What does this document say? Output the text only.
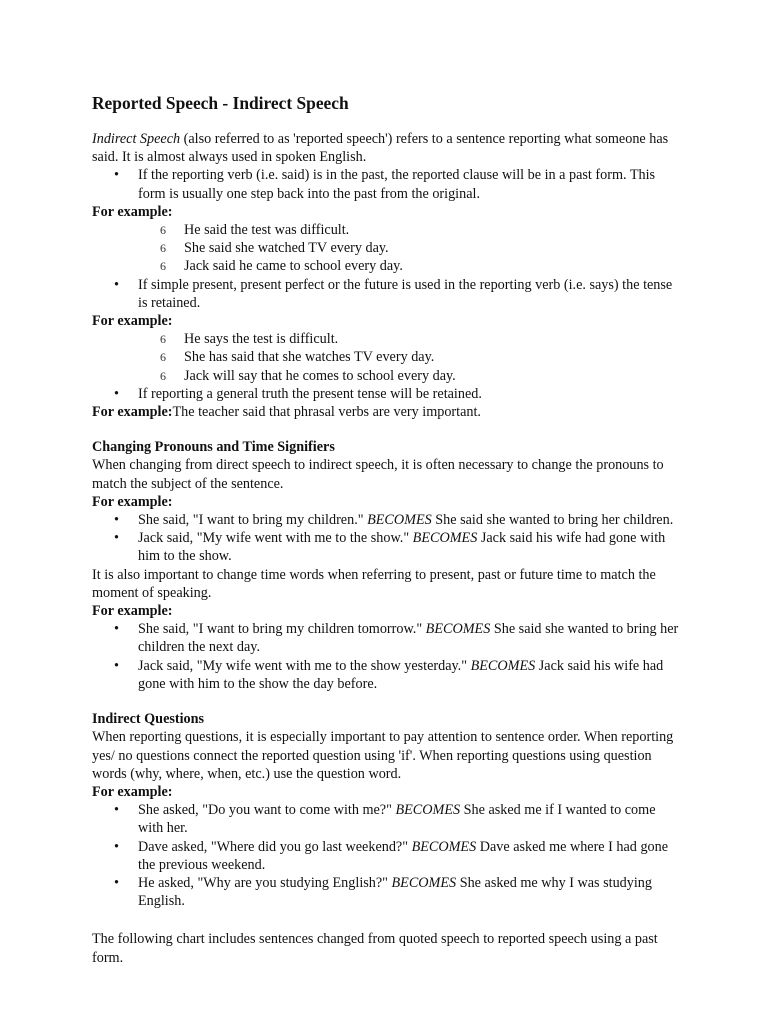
Reported Speech - Indirect Speech

Indirect Speech (also referred to as 'reported speech') refers to a sentence reporting what someone has said. It is almost always used in spoken English.

• If the reporting verb (i.e. said) is in the past, the reported clause will be in a past form. This form is usually one step back into the past from the original.

For example:

6 He said the test was difficult.
6 She said she watched TV every day.
6 Jack said he came to school every day.
• If simple present, present perfect or the future is used in the reporting verb (i.e. says) the tense is retained.

For example:

6 He says the test is difficult.
6 She has said that she watches TV every day.
6 Jack will say that he comes to school every day.
• If reporting a general truth the present tense will be retained.

For example:The teacher said that phrasal verbs are very important.

Changing Pronouns and Time Signifiers

When changing from direct speech to indirect speech, it is often necessary to change the pronouns to match the subject of the sentence.

For example:

• She said, "I want to bring my children." BECOMES She said she wanted to bring her children.
• Jack said, "My wife went with me to the show." BECOMES Jack said his wife had gone with him to the show.

It is also important to change time words when referring to present, past or future time to match the moment of speaking.

For example:

• She said, "I want to bring my children tomorrow." BECOMES She said she wanted to bring her children the next day.
• Jack said, "My wife went with me to the show yesterday." BECOMES Jack said his wife had gone with him to the show the day before.
Indirect Questions

When reporting questions, it is especially important to pay attention to sentence order. When reporting yes/ no questions connect the reported question using 'if'. When reporting questions using question words (why, where, when, etc.) use the question word.

For example:

• She asked, "Do you want to come with me?" BECOMES She asked me if I wanted to come with her.
• Dave asked, "Where did you go last weekend?" BECOMES Dave asked me where I had gone the previous weekend.
• He asked, "Why are you studying English?" BECOMES She asked me why I was studying English.

The following chart includes sentences changed from quoted speech to reported speech using a past form.
